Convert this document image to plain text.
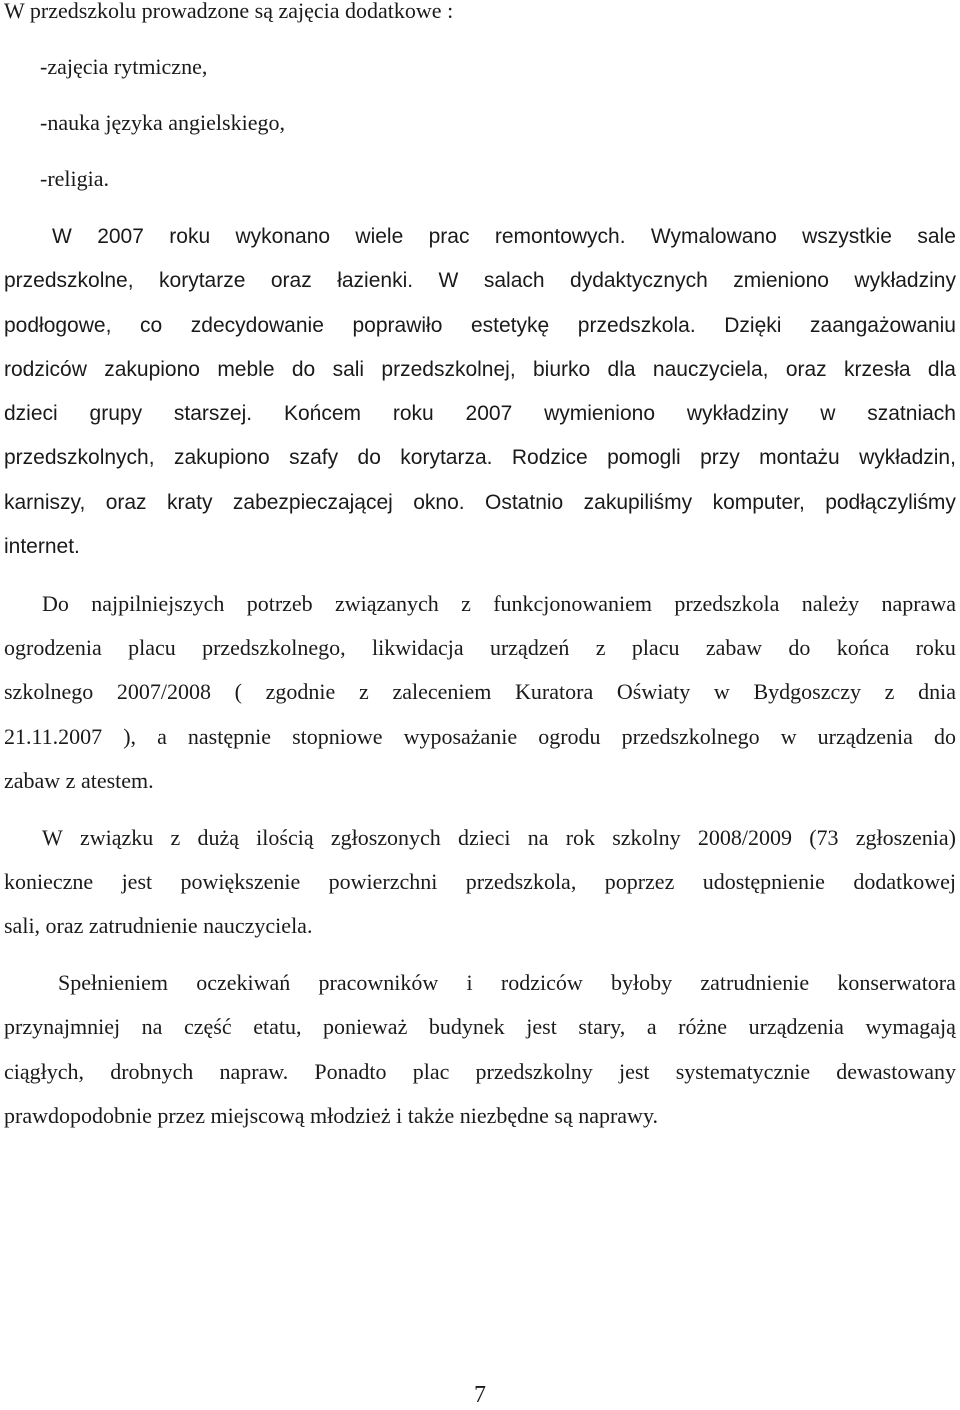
W przedszkolu prowadzone są zajęcia dodatkowe :

-zajęcia rytmiczne,

-nauka języka angielskiego,

-religia.

W 2007 roku wykonano wiele prac remontowych. Wymalowano wszystkie sale

przedszkolne, korytarze oraz łazienki. W salach dydaktycznych zmieniono wykładziny

podłogowe, co zdecydowanie poprawiło estetykę przedszkola. Dzięki zaangażowaniu

rodziców zakupiono meble do sali przedszkolnej, biurko dla nauczyciela, oraz krzesła dla

dzieci grupy starszej. Końcem roku 2007 wymieniono wykładziny w szatniach

przedszkolnych, zakupiono szafy do korytarza. Rodzice pomogli przy montażu wykładzin,

karniszy, oraz kraty zabezpieczającej okno. Ostatnio zakupiliśmy komputer, podłączyliśmy

internet.

Do najpilniejszych potrzeb związanych z funkcjonowaniem przedszkola należy naprawa

ogrodzenia placu przedszkolnego, likwidacja urządzeń z placu zabaw do końca roku

szkolnego 2007/2008 ( zgodnie z zaleceniem Kuratora Oświaty w Bydgoszczy z dnia

21.11.2007 ), a następnie stopniowe wyposażanie ogrodu przedszkolnego w urządzenia do

zabaw z atestem.

W związku z dużą ilością zgłoszonych dzieci na rok szkolny 2008/2009 (73 zgłoszenia)

konieczne jest powiększenie powierzchni przedszkola, poprzez udostępnienie dodatkowej

sali, oraz zatrudnienie nauczyciela.

Spełnieniem oczekiwań pracowników i rodziców byłoby zatrudnienie konserwatora

przynajmniej na część etatu, ponieważ budynek jest stary, a różne urządzenia wymagają

ciągłych, drobnych napraw. Ponadto plac przedszkolny jest systematycznie dewastowany

prawdopodobnie przez miejscową młodzież i także niezbędne są naprawy.

7
